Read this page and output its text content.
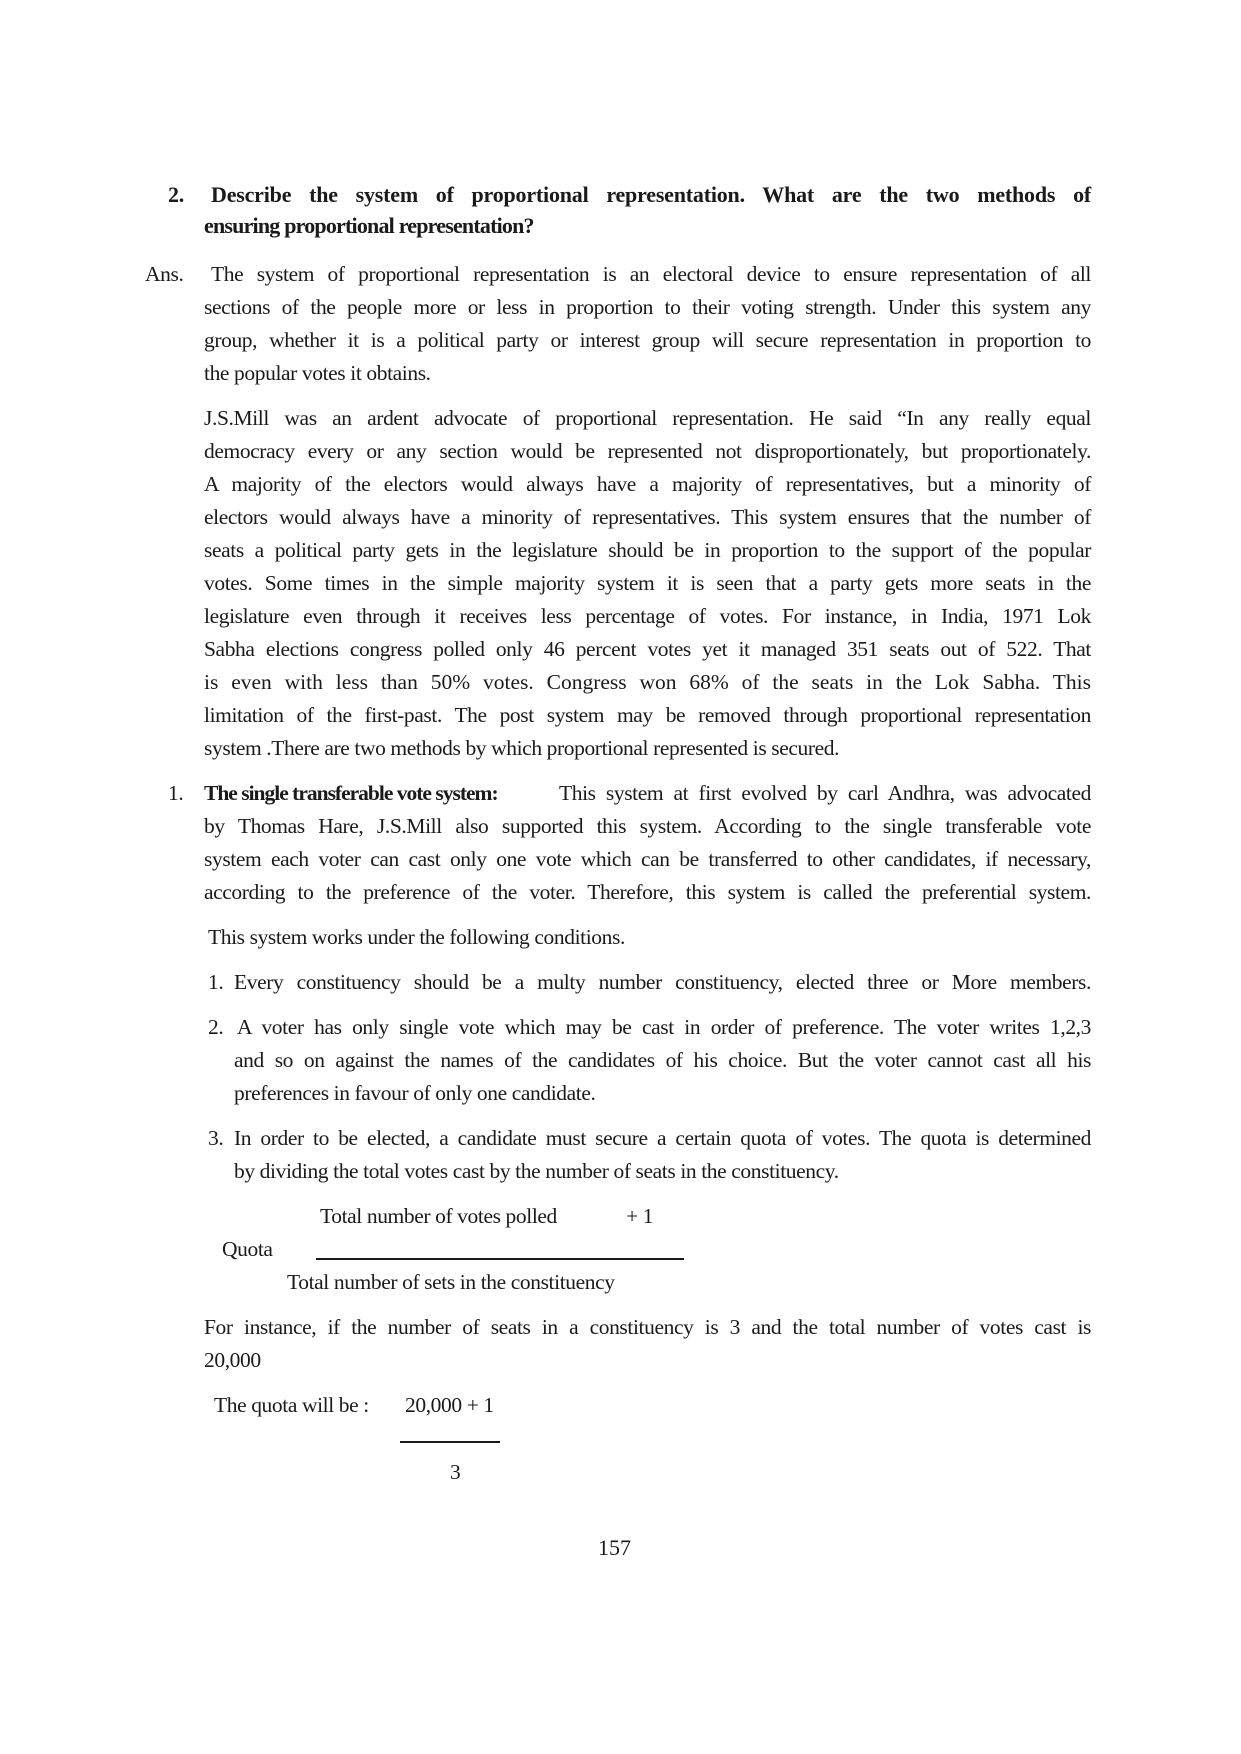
2. Describe the system of proportional representation. What are the two methods of
ensuring proportional representation?
Ans. The system of proportional representation is an electoral device to ensure representation of all
sections of the people more or less in proportion to their voting strength. Under this system any
group, whether it is a political party or interest group will secure representation in proportion to
the popular votes it obtains.
J.S.Mill was an ardent advocate of proportional representation. He said “In any really equal
democracy every or any section would be represented not disproportionately, but proportionately.
A majority of the electors would always have a majority of representatives, but a minority of
electors would always have a minority of representatives. This system ensures that the number of
seats a political party gets in the legislature should be in proportion to the support of the popular
votes. Some times in the simple majority system it is seen that a party gets more seats in the
legislature even through it receives less percentage of votes. For instance, in India, 1971 Lok
Sabha elections congress polled only 46 percent votes yet it managed 351 seats out of 522. That
is even with less than 50% votes. Congress won 68% of the seats in the Lok Sabha. This
limitation of the first-past. The post system may be removed through proportional representation
system .There are two methods by which proportional represented is secured.
1. The single transferable vote system:	This system at first evolved by carl Andhra, was advocated
by Thomas Hare, J.S.Mill also supported this system. According to the single transferable vote
system each voter can cast only one vote which can be transferred to other candidates, if necessary,
according to the preference of the voter. Therefore, this system is called the preferential system.
This system works under the following conditions.
1. Every constituency should be a multy number constituency, elected three or More members.
2. A voter has only single vote which may be cast in order of preference. The voter writes 1,2,3
and so on against the names of the candidates of his choice. But the voter cannot cast all his
preferences in favour of only one candidate.
3. In order to be elected, a candidate must secure a certain quota of votes. The quota is determined
by dividing the total votes cast by the number of seats in the constituency.
Total number of votes polled	+ 1
Quota
Total number of sets in the constituency
For instance, if the number of seats in a constituency is 3 and the total number of votes cast is
20,000
The quota will be : 20,000 + 1
3
157
